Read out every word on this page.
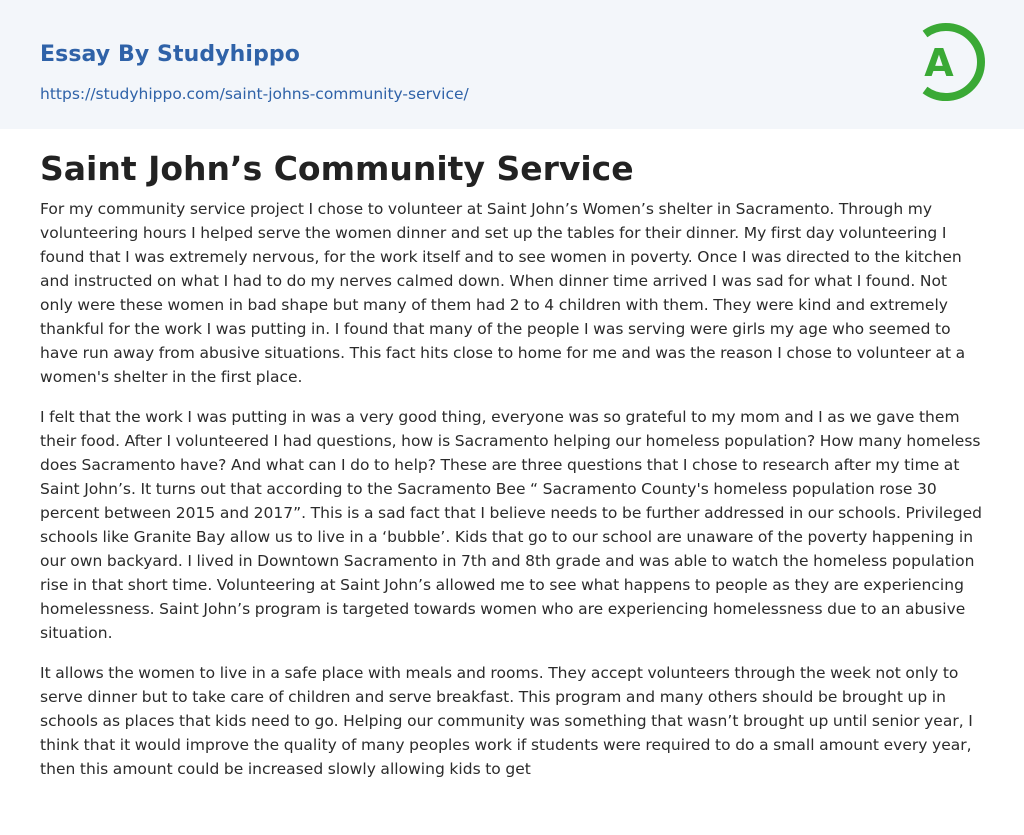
Essay By Studyhippo
https://studyhippo.com/saint-johns-community-service/
A
Saint John’s Community Service

For my community service project I chose to volunteer at Saint John’s Women’s shelter in Sacramento. Through my volunteering hours I helped serve the women dinner and set up the tables for their dinner. My first day volunteering I found that I was extremely nervous, for the work itself and to see women in poverty. Once I was directed to the kitchen and instructed on what I had to do my nerves calmed down. When dinner time arrived I was sad for what I found. Not only were these women in bad shape but many of them had 2 to 4 children with them. They were kind and extremely thankful for the work I was putting in. I found that many of the people I was serving were girls my age who seemed to have run away from abusive situations. This fact hits close to home for me and was the reason I chose to volunteer at a women's shelter in the first place.

I felt that the work I was putting in was a very good thing, everyone was so grateful to my mom and I as we gave them their food. After I volunteered I had questions, how is Sacramento helping our homeless population? How many homeless does Sacramento have? And what can I do to help? These are three questions that I chose to research after my time at Saint John’s. It turns out that according to the Sacramento Bee “ Sacramento County's homeless population rose 30 percent between 2015 and 2017”. This is a sad fact that I believe needs to be further addressed in our schools. Privileged schools like Granite Bay allow us to live in a ‘bubble’. Kids that go to our school are unaware of the poverty happening in our own backyard. I lived in Downtown Sacramento in 7th and 8th grade and was able to watch the homeless population rise in that short time. Volunteering at Saint John’s allowed me to see what happens to people as they are experiencing homelessness. Saint John’s program is targeted towards women who are experiencing homelessness due to an abusive situation.

It allows the women to live in a safe place with meals and rooms. They accept volunteers through the week not only to serve dinner but to take care of children and serve breakfast. This program and many others should be brought up in schools as places that kids need to go. Helping our community was something that wasn’t brought up until senior year, I think that it would improve the quality of many peoples work if students were required to do a small amount every year, then this amount could be increased slowly allowing kids to get
